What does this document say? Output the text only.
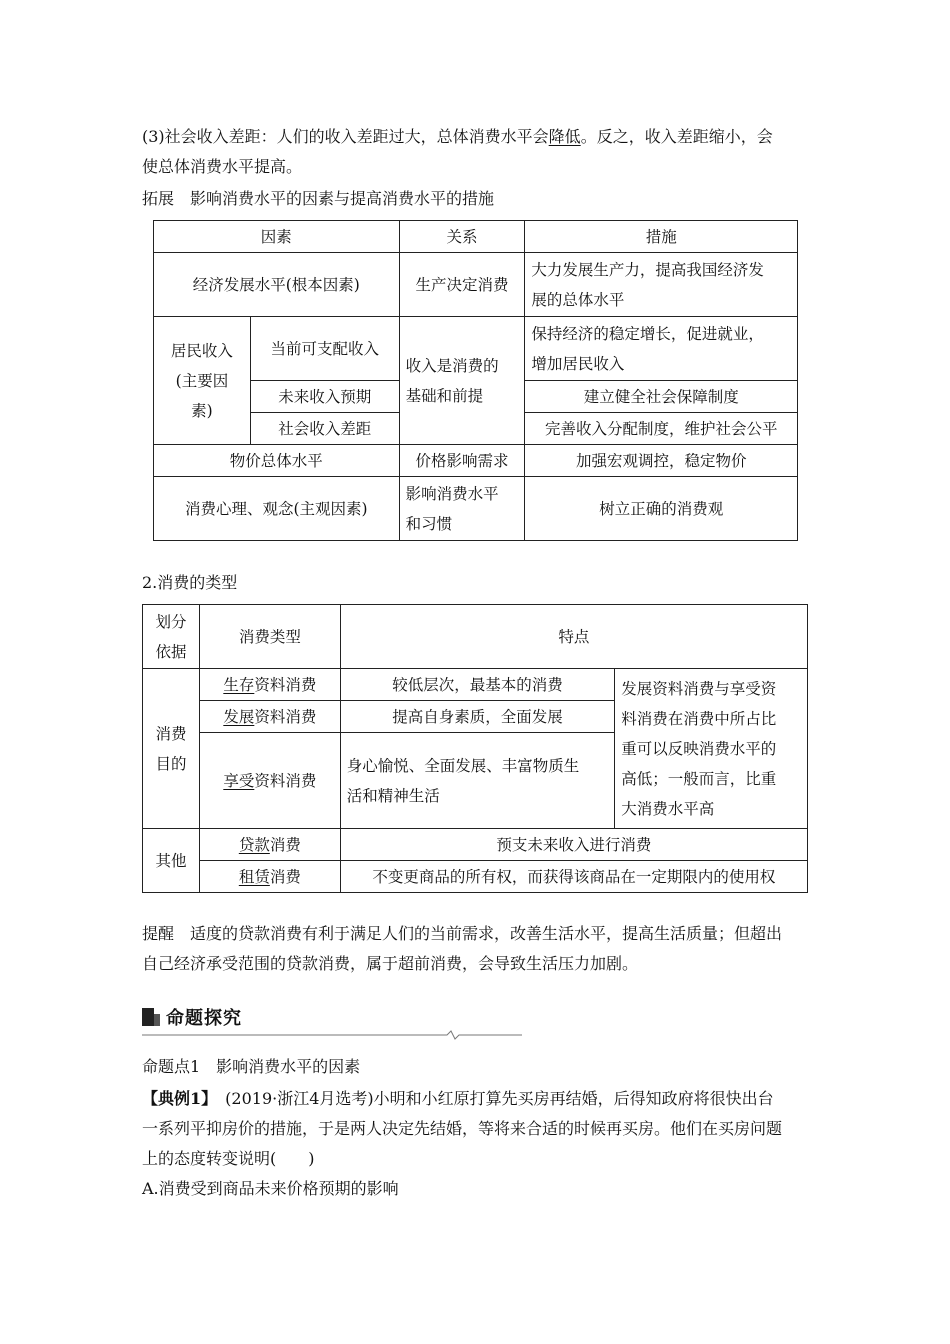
(3)社会收入差距：人们的收入差距过大，总体消费水平会降低。反之，收入差距缩小，会
使总体消费水平提高。

拓展　影响消费水平的因素与提高消费水平的措施

因素		关系	措施
经济发展水平(根本因素)		生产决定消费	大力发展生产力，提高我国经济发
展的总体水平
居民收入
(主要因
素)	当前可支配收入	收入是消费的
基础和前提	保持经济的稳定增长，促进就业，
增加居民收入
	未来收入预期		建立健全社会保障制度
	社会收入差距		完善收入分配制度，维护社会公平
物价总体水平		价格影响需求	加强宏观调控，稳定物价
消费心理、观念(主观因素)		影响消费水平
和习惯	树立正确的消费观

2.消费的类型

划分
依据	消费类型	特点	
消费
目的	生存资料消费	较低层次，最基本的消费	发展资料消费与享受资
料消费在消费中所占比
重可以反映消费水平的
高低；一般而言，比重
大消费水平高
	发展资料消费	提高自身素质，全面发展	
	享受资料消费	身心愉悦、全面发展、丰富物质生
活和精神生活	
其他	贷款消费	预支未来收入进行消费	
	租赁消费	不变更商品的所有权，而获得该商品在一定期限内的使用权	

提醒　适度的贷款消费有利于满足人们的当前需求，改善生活水平，提高生活质量；但超出
自己经济承受范围的贷款消费，属于超前消费，会导致生活压力加剧。

命题探究

命题点1　影响消费水平的因素

【典例1】　 (2019·浙江4月选考)小明和小红原打算先买房再结婚，后得知政府将很快出台
一系列平抑房价的措施，于是两人决定先结婚，等将来合适的时候再买房。他们在买房问题
上的态度转变说明(　　)
A.消费受到商品未来价格预期的影响
